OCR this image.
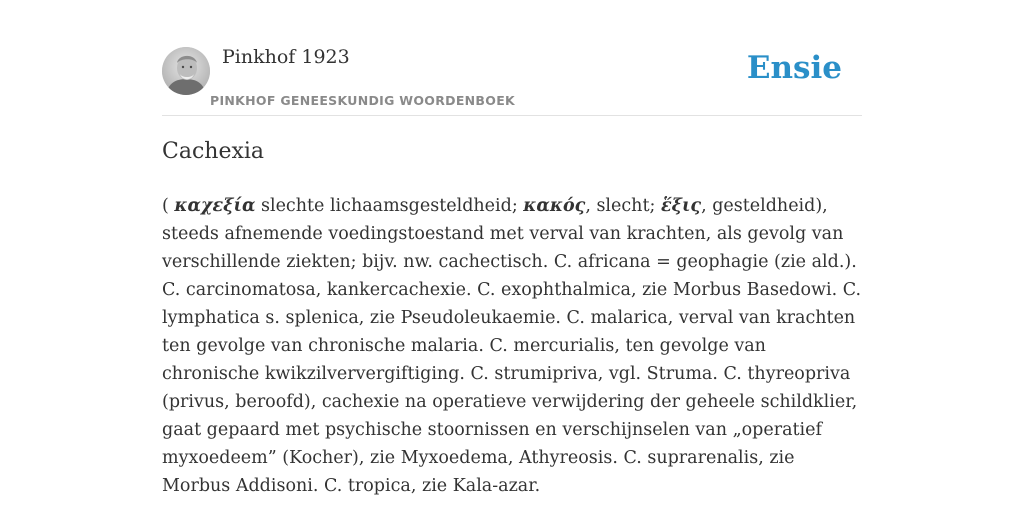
Pinkhof 1923
PINKHOF GENEESKUNDIG WOORDENBOEK
Ensie
Cachexia

( καχεξία slechte lichaamsgesteldheid; κακός, slecht; ἕξις, gesteldheid), steeds afnemende voedingstoestand met verval van krachten, als gevolg van verschillende ziekten; bijv. nw. cachectisch. C. africana = geophagie (zie ald.). C. carcinomatosa, kankercachexie. C. exophthalmica, zie Morbus Basedowi. C. lymphatica s. splenica, zie Pseudoleukaemie. C. malarica, verval van krachten ten gevolge van chronische malaria. C. mercurialis, ten gevolge van chronische kwikzilververgiftiging. C. strumipriva, vgl. Struma. C. thyreopriva (privus, beroofd), cachexie na operatieve verwijdering der geheele schildklier, gaat gepaard met psychische stoornissen en verschijnselen van „operatief myxoedeem” (Kocher), zie Myxoedema, Athyreosis. C. suprarenalis, zie Morbus Addisoni. C. tropica, zie Kala-azar.
